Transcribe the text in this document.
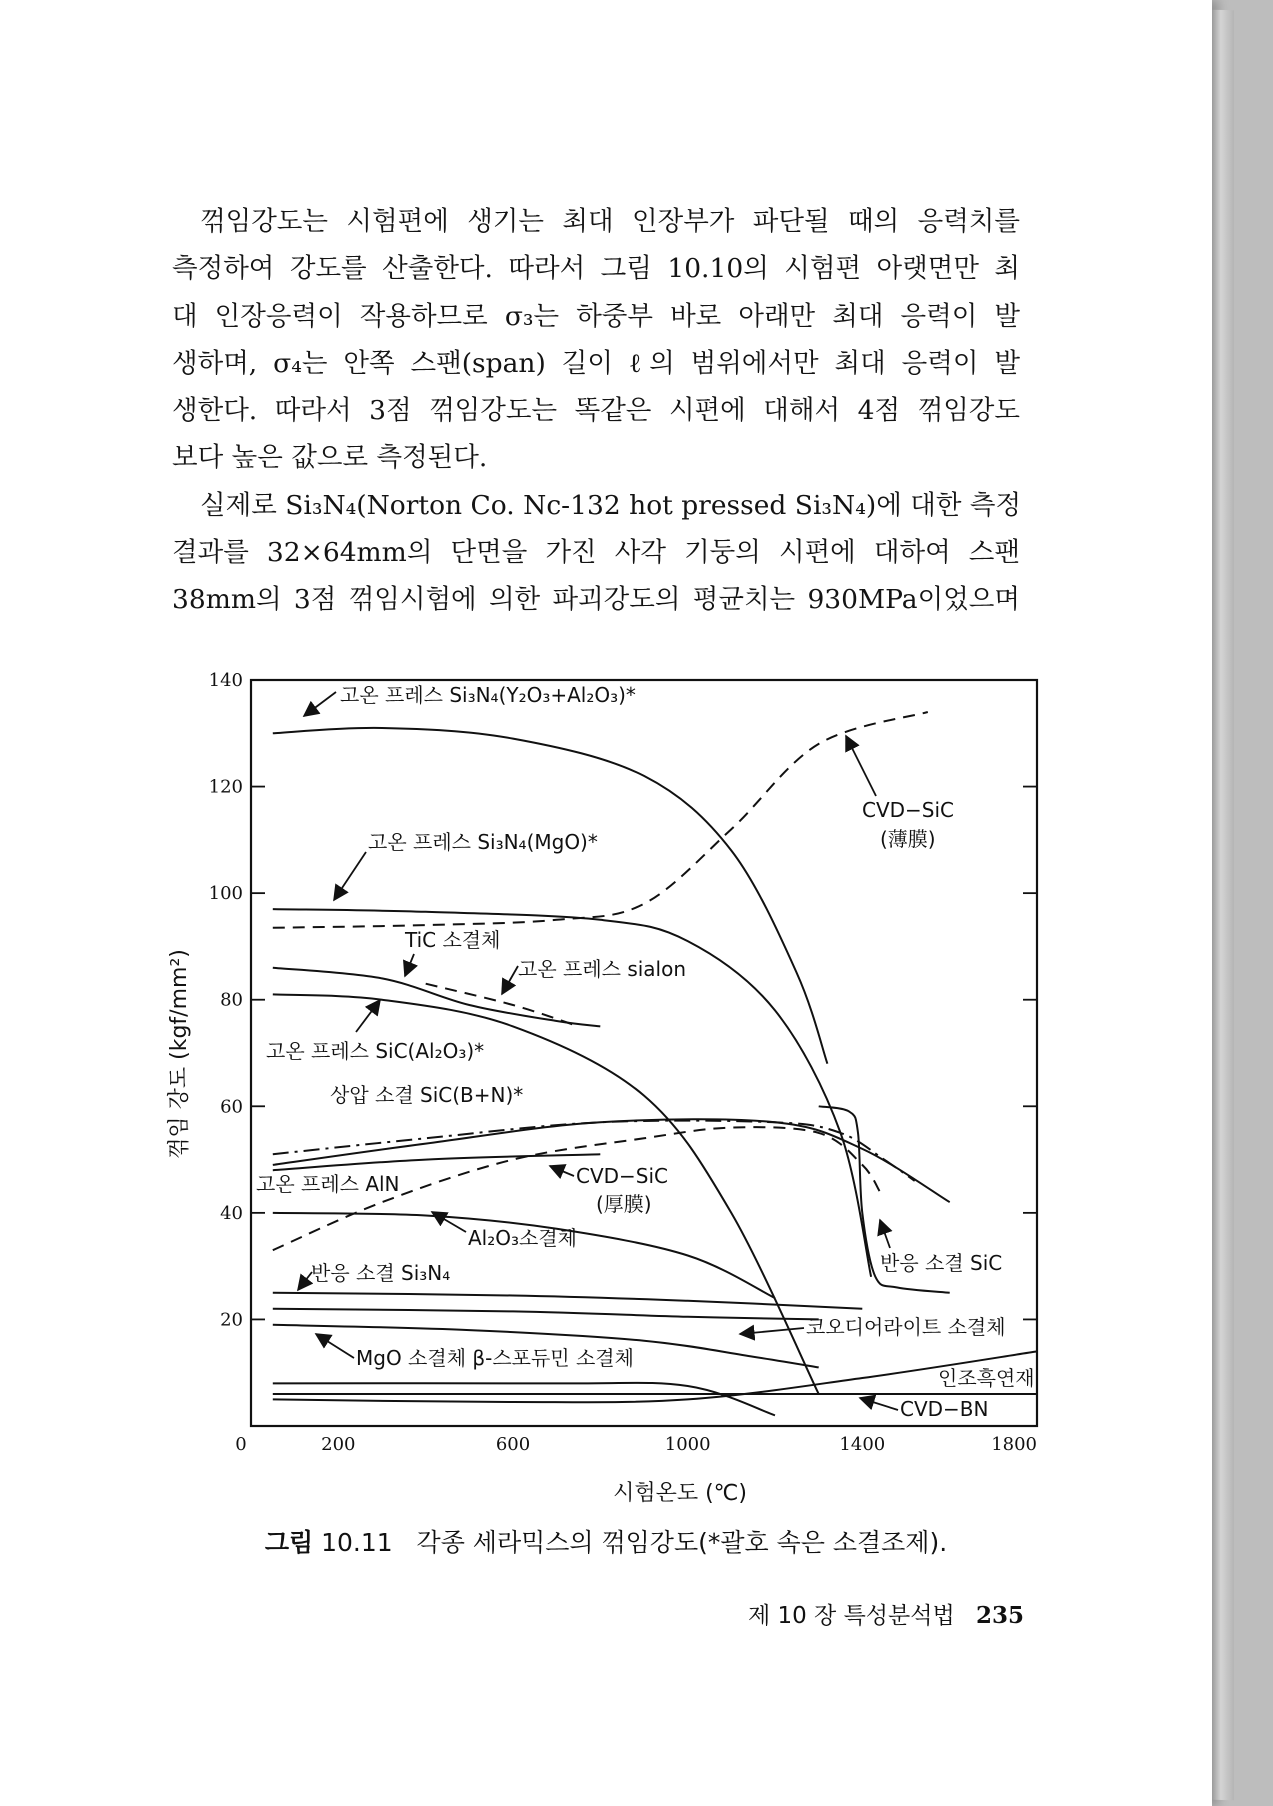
꺾임강도는 시험편에 생기는 최대 인장부가 파단될 때의 응력치를
측정하여 강도를 산출한다. 따라서 그림 10.10의 시험편 아랫면만 최
대 인장응력이 작용하므로 σ₃는 하중부 바로 아래만 최대 응력이 발
생하며, σ₄는 안쪽 스팬(span) 길이 ℓ의 범위에서만 최대 응력이 발
생한다. 따라서 3점 꺾임강도는 똑같은 시편에 대해서 4점 꺾임강도
보다 높은 값으로 측정된다.
실제로 Si₃N₄(Norton Co. Nc-132 hot pressed Si₃N₄)에 대한 측정
결과를 32×64mm의 단면을 가진 사각 기둥의 시편에 대하여 스팬
38mm의 3점 꺾임시험에 의한 파괴강도의 평균치는 930MPa이었으며

20
40
60
80
100
120
140
0	200	600	1000	1400	1800
꺾임 강도 (kgf/mm²)
시험온도 (℃)
고온 프레스 Si₃N₄(Y₂O₃+Al₂O₃)*
CVD−SiC
(薄膜)
고온 프레스 Si₃N₄(MgO)*
TiC 소결체
고온 프레스 sialon
고온 프레스 SiC(Al₂O₃)*
상압 소결 SiC(B+N)*
고온 프레스 AlN	CVD−SiC
(厚膜)
Al₂O₃소결체
반응 소결 SiC
반응 소결 Si₃N₄
코오디어라이트 소결체
MgO 소결체 β-스포듀민 소결체
인조흑연재
CVD−BN
그림 10.11 각종 세라믹스의 꺾임강도(*괄호 속은 소결조제).
제 10 장 특성분석법 235
